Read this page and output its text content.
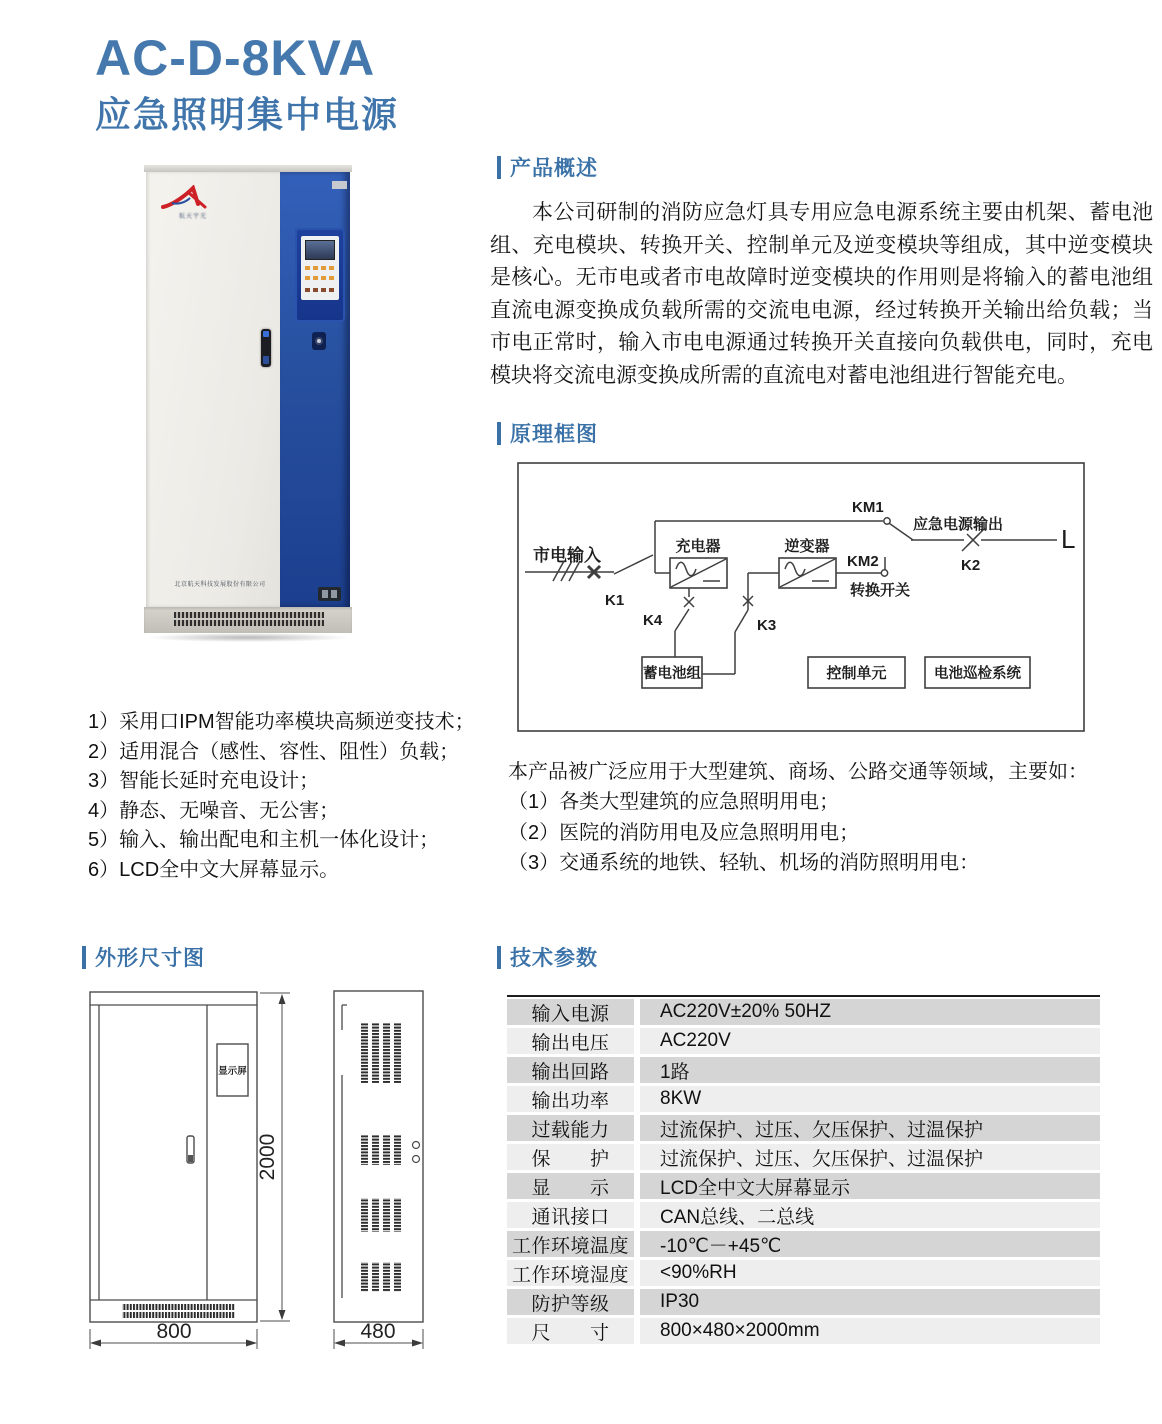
AC-D-8KVA
应急照明集中电源
航天宇光
北京航天科技发展股份有限公司
产品概述
本公司研制的消防应急灯具专用应急电源系统主要由机架、蓄电池组、充电模块、转换开关、控制单元及逆变模块等组成，其中逆变模块是核心。无市电或者市电故障时逆变模块的作用则是将输入的蓄电池组直流电源变换成负载所需的交流电电源，经过转换开关输出给负载；当市电正常时，输入市电电源通过转换开关直接向负载供电，同时，充电模块将交流电源变换成所需的直流电对蓄电池组进行智能充电。
原理框图
市电输入
K1
KM1
K2
应急电源输出 L
充电器	逆变器
KM2
转换开关
K4
蓄电池组
K3
控制单元	电池巡检系统
1）采用口IPM智能功率模块高频逆变技术；
2）适用混合（感性、容性、阻性）负载；
3）智能长延时充电设计；
4）静态、无噪音、无公害；
5）输入、输出配电和主机一体化设计；
6）LCD全中文大屏幕显示。
本产品被广泛应用于大型建筑、商场、公路交通等领域，主要如：
（1）各类大型建筑的应急照明用电；
（2）医院的消防用电及应急照明用电；
（3）交通系统的地铁、轻轨、机场的消防照明用电：
外形尺寸图
显示屏
2000
800	480
技术参数
输入电源	AC220V±20% 50HZ
输出电压	AC220V
输出回路	1路
输出功率	8KW
过载能力	过流保护、过压、欠压保护、过温保护
保　　护	过流保护、过压、欠压保护、过温保护
显　　示	LCD全中文大屏幕显示
通讯接口	CAN总线、二总线
工作环境温度	-10℃－+45℃
工作环境湿度	<90%RH
防护等级	IP30
尺　　寸	800×480×2000mm
